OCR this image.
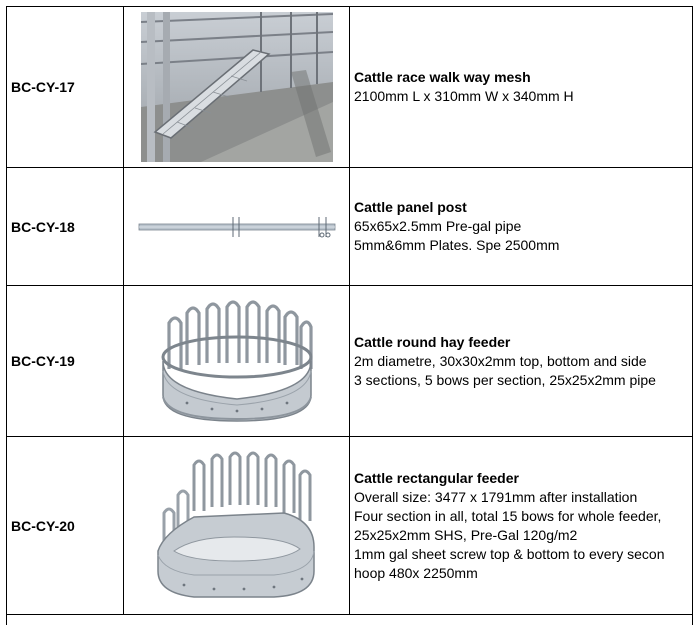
BC-CY-17		Cattle race walk way mesh
2100mm L x 310mm W x 340mm H

BC-CY-18		Cattle panel post
65x65x2.5mm Pre-gal pipe
5mm&6mm Plates. Spe 2500mm

BC-CY-19		Cattle round hay feeder
2m diametre, 30x30x2mm top, bottom and side
3 sections, 5 bows per section, 25x25x2mm pipe

BC-CY-20		Cattle rectangular feeder
Overall size: 3477 x 1791mm after installation
Four section in all, total 15 bows for whole feeder, 25x25x2mm SHS, Pre-Gal 120g/m2
1mm gal sheet screw top & bottom to every secon hoop 480x 2250mm
